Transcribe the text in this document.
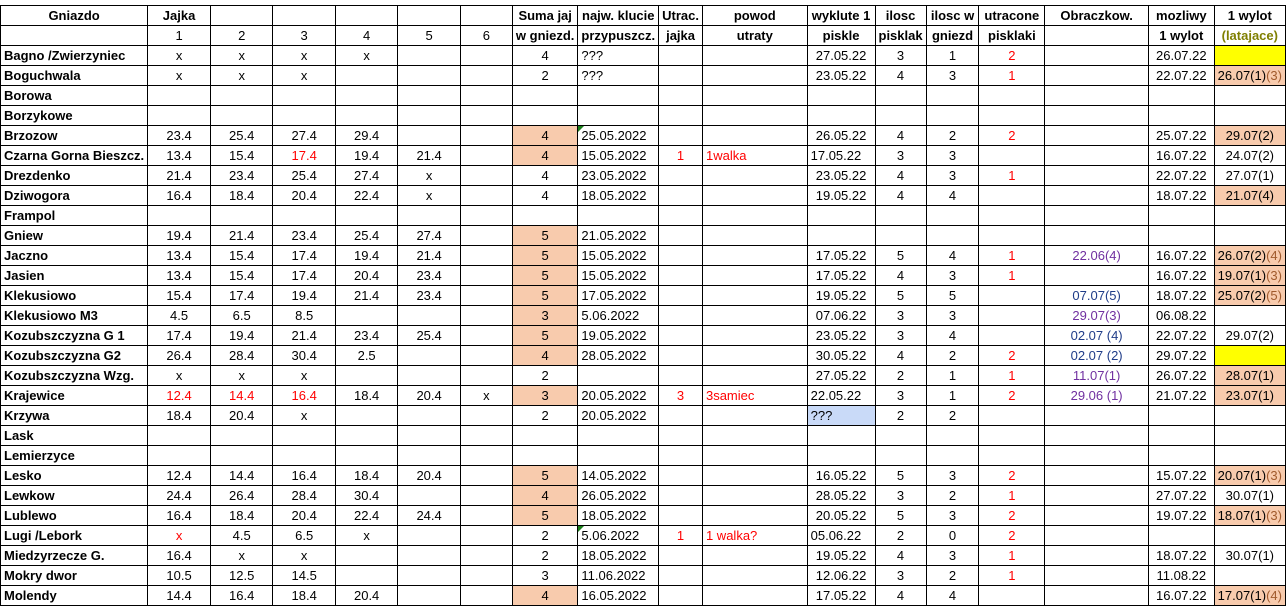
Gniazdo	Jajka						Suma jaj	najw. klucie	Utrac.	powod	wyklute 1	ilosc	ilosc w	utracone	Obraczkow.	mozliwy	1 wylot
	1	2	3	4	5	6	w gniezd.	przypuszcz.	jajka	utraty	piskle	pisklak	gniezd	pisklaki		1 wylot	(latajace)
Bagno /Zwierzyniec	x	x	x	x			4	???			27.05.22	3	1	2		26.07.22	
Boguchwala	x	x	x				2	???			23.05.22	4	3	1		22.07.22	26.07(1)(3)
Borowa																	
Borzykowe																	
Brzozow	23.4	25.4	27.4	29.4			4	25.05.2022			26.05.22	4	2	2		25.07.22	29.07(2)
Czarna Gorna Bieszcz.	13.4	15.4	17.4	19.4	21.4		4	15.05.2022	1	1walka	17.05.22	3	3			16.07.22	24.07(2)
Drezdenko	21.4	23.4	25.4	27.4	x		4	23.05.2022			23.05.22	4	3	1		22.07.22	27.07(1)
Dziwogora	16.4	18.4	20.4	22.4	x		4	18.05.2022			19.05.22	4	4			18.07.22	21.07(4)
Frampol																	
Gniew	19.4	21.4	23.4	25.4	27.4		5	21.05.2022									
Jaczno	13.4	15.4	17.4	19.4	21.4		5	15.05.2022			17.05.22	5	4	1	22.06(4)	16.07.22	26.07(2)(4)
Jasien	13.4	15.4	17.4	20.4	23.4		5	15.05.2022			17.05.22	4	3	1		16.07.22	19.07(1)(3)
Klekusiowo	15.4	17.4	19.4	21.4	23.4		5	17.05.2022			19.05.22	5	5		07.07(5)	18.07.22	25.07(2)(5)
Klekusiowo M3	4.5	6.5	8.5				3	5.06.2022			07.06.22	3	3		29.07(3)	06.08.22	
Kozubszczyzna G 1	17.4	19.4	21.4	23.4	25.4		5	19.05.2022			23.05.22	3	4		02.07 (4)	22.07.22	29.07(2)
Kozubszczyzna G2	26.4	28.4	30.4	2.5			4	28.05.2022			30.05.22	4	2	2	02.07 (2)	29.07.22	
Kozubszczyzna Wzg.	x	x	x				2				27.05.22	2	1	1	11.07(1)	26.07.22	28.07(1)
Krajewice	12.4	14.4	16.4	18.4	20.4	x	3	20.05.2022	3	3samiec	22.05.22	3	1	2	29.06 (1)	21.07.22	23.07(1)
Krzywa	18.4	20.4	x				2	20.05.2022			???	2	2				
Lask																	
Lemierzyce																	
Lesko	12.4	14.4	16.4	18.4	20.4		5	14.05.2022			16.05.22	5	3	2		15.07.22	20.07(1)(3)
Lewkow	24.4	26.4	28.4	30.4			4	26.05.2022			28.05.22	3	2	1		27.07.22	30.07(1)
Lublewo	16.4	18.4	20.4	22.4	24.4		5	18.05.2022			20.05.22	5	3	2		19.07.22	18.07(1)(3)
Lugi /Lebork	x	4.5	6.5	x			2	5.06.2022	1	1 walka?	05.06.22	2	0	2			
Miedzyrzecze G.	16.4	x	x				2	18.05.2022			19.05.22	4	3	1		18.07.22	30.07(1)
Mokry dwor	10.5	12.5	14.5				3	11.06.2022			12.06.22	3	2	1		11.08.22	
Molendy	14.4	16.4	18.4	20.4			4	16.05.2022			17.05.22	4	4			16.07.22	17.07(1)(4)
